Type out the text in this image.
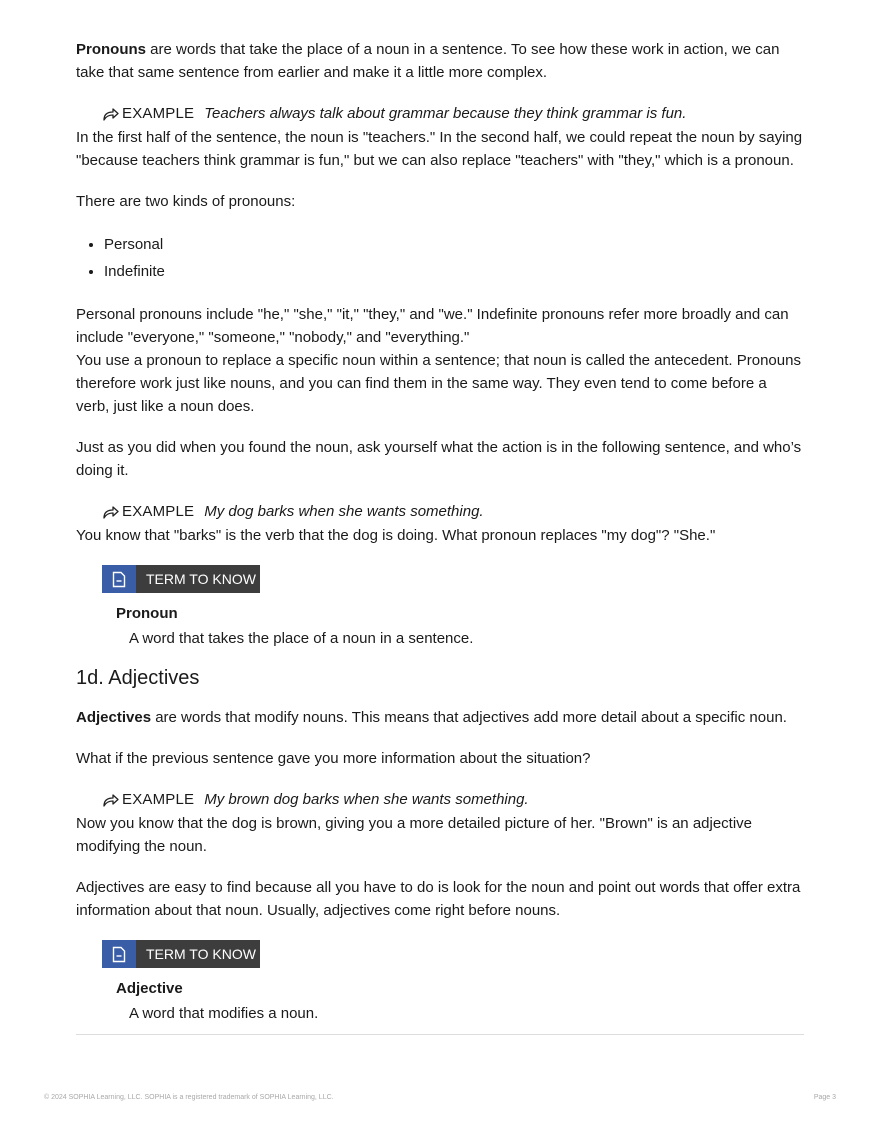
Pronouns are words that take the place of a noun in a sentence. To see how these work in action, we can take that same sentence from earlier and make it a little more complex.

EXAMPLE Teachers always talk about grammar because they think grammar is fun.

In the first half of the sentence, the noun is "teachers." In the second half, we could repeat the noun by saying "because teachers think grammar is fun," but we can also replace "teachers" with "they," which is a pronoun.

There are two kinds of pronouns:

• Personal
• Indefinite

Personal pronouns include "he," "she," "it," "they," and "we." Indefinite pronouns refer more broadly and can include "everyone," "someone," "nobody," and "everything."

You use a pronoun to replace a specific noun within a sentence; that noun is called the antecedent. Pronouns therefore work just like nouns, and you can find them in the same way. They even tend to come before a verb, just like a noun does.

Just as you did when you found the noun, ask yourself what the action is in the following sentence, and who’s doing it.

EXAMPLE My dog barks when she wants something.

You know that "barks" is the verb that the dog is doing. What pronoun replaces "my dog"? "She."

TERM TO KNOW
Pronoun
A word that takes the place of a noun in a sentence.
1d. Adjectives

Adjectives are words that modify nouns. This means that adjectives add more detail about a specific noun.

What if the previous sentence gave you more information about the situation?

EXAMPLE My brown dog barks when she wants something.

Now you know that the dog is brown, giving you a more detailed picture of her. "Brown" is an adjective modifying the noun.

Adjectives are easy to find because all you have to do is look for the noun and point out words that offer extra information about that noun. Usually, adjectives come right before nouns.

TERM TO KNOW
Adjective
A word that modifies a noun.
© 2024 SOPHIA Learning, LLC. SOPHIA is a registered trademark of SOPHIA Learning, LLC.	Page 3
